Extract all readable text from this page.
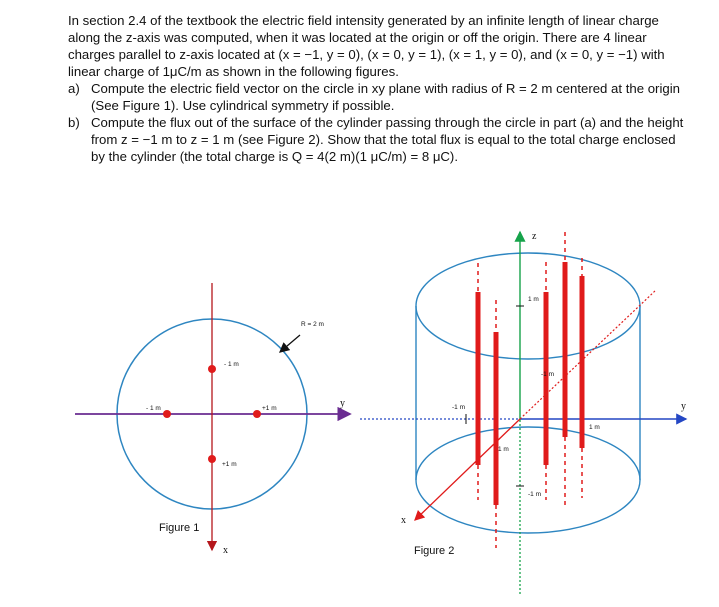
In section 2.4 of the textbook the electric field intensity generated by an infinite length of linear charge along the z-axis was computed, when it was located at the origin or off the origin. There are 4 linear charges parallel to z-axis located at (x = −1, y = 0), (x = 0, y = 1), (x = 1, y = 0), and (x = 0, y = −1) with linear charge of 1μC/m as shown in the following figures.

a) Compute the electric field vector on the circle in xy plane with radius of R = 2 m centered at the origin (See Figure 1). Use cylindrical symmetry if possible.
b) Compute the flux out of the surface of the cylinder passing through the circle in part (a) and the height from z = −1 m to z = 1 m (see Figure 2). Show that the total flux is equal to the total charge enclosed by the cylinder (the total charge is Q = 4(2 m)(1 μC/m) = 8 μC).
R = 2 m
- 1 m
- 1 m
+1 m
+1 m
y
x
Figure 1
y
z
x
1 m
-1 m
-1 m
1 m
1 m
-1 m
Figure 2
